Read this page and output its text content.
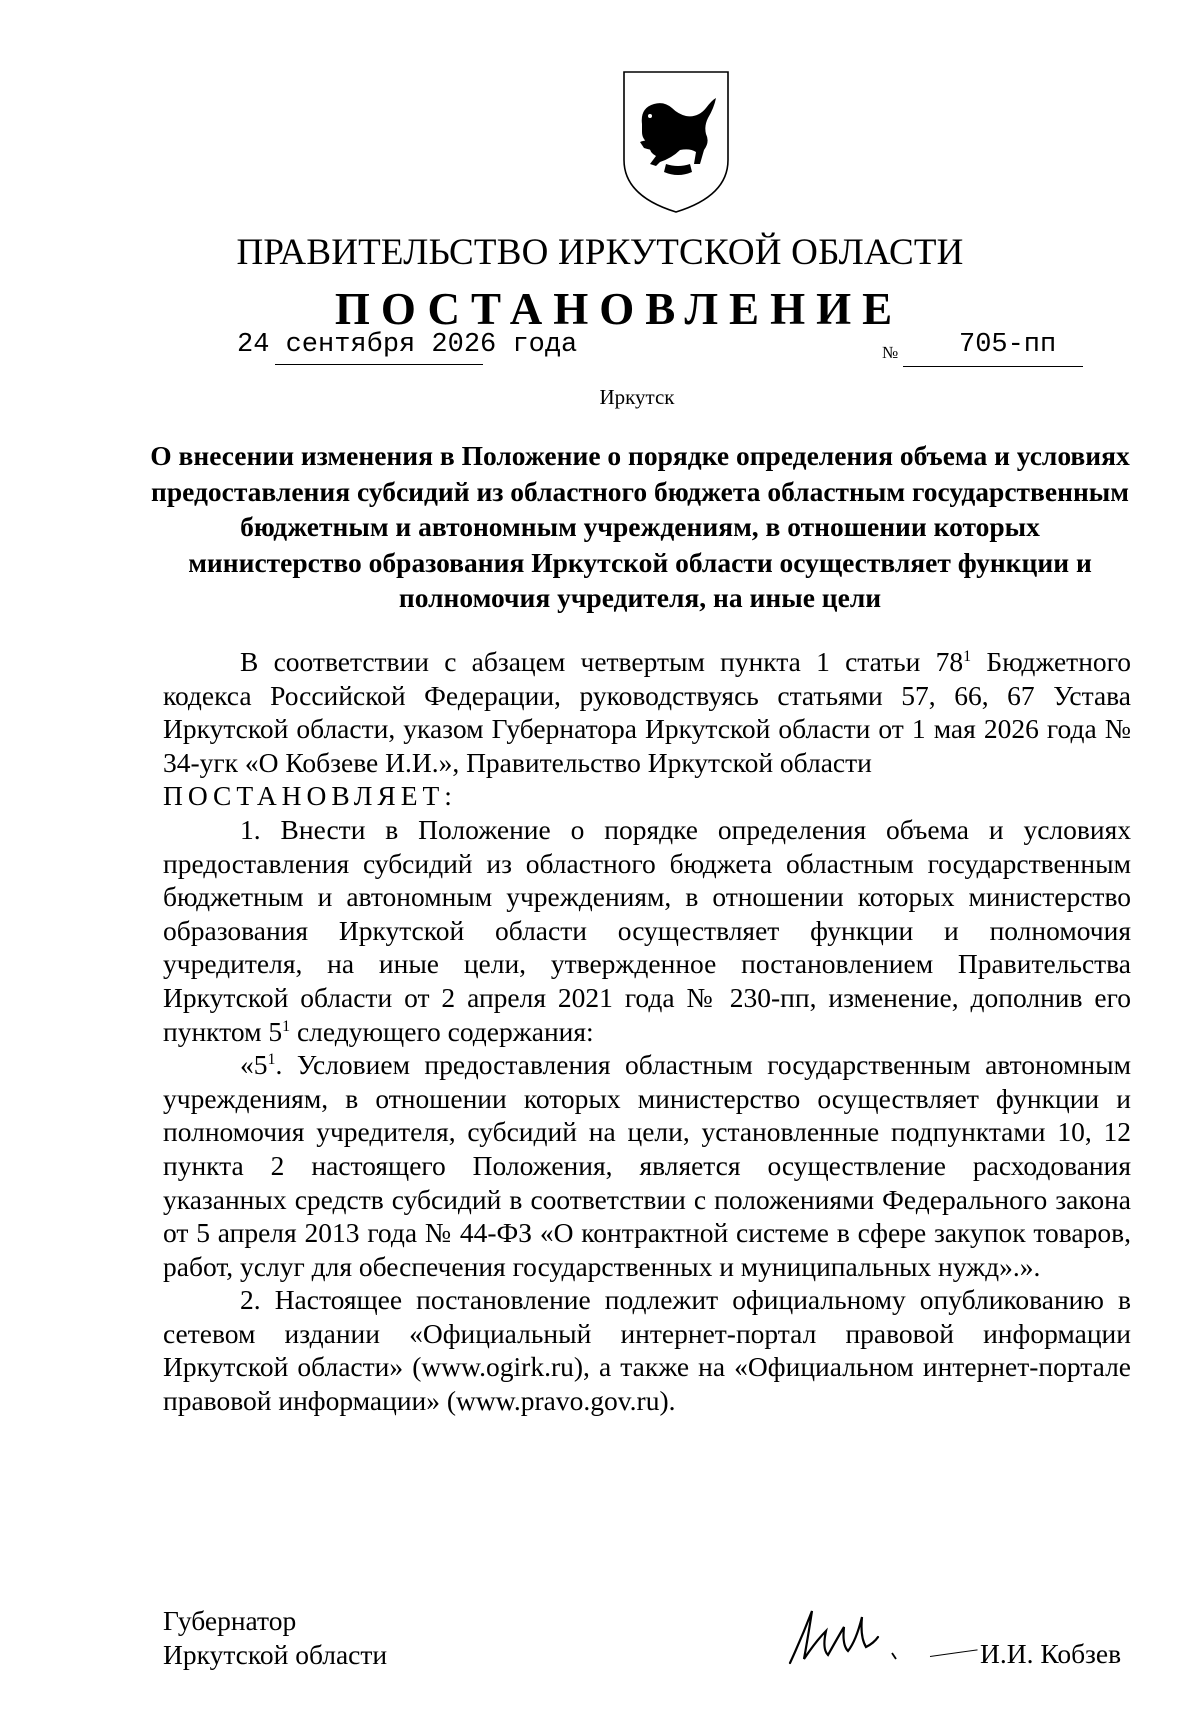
ПРАВИТЕЛЬСТВО ИРКУТСКОЙ ОБЛАСТИ
ПОСТАНОВЛЕНИЕ
24 сентября 2026 года	№ 705-пп
Иркутск
О внесении изменения в Положение о порядке определения объема и условиях предоставления субсидий из областного бюджета областным государственным бюджетным и автономным учреждениям, в отношении которых министерство образования Иркутской области осуществляет функции и полномочия учредителя, на иные цели

В соответствии с абзацем четвертым пункта 1 статьи $78^1$ Бюджетного кодекса Российской Федерации, руководствуясь статьями 57, 66, 67 Устава Иркутской области, указом Губернатора Иркутской области от 1 мая 2026 года № 34-угк «О Кобзеве И.И.», Правительство Иркутской области

ПОСТАНОВЛЯЕТ:

1. Внести в Положение о порядке определения объема и условиях предоставления субсидий из областного бюджета областным государственным бюджетным и автономным учреждениям, в отношении которых министерство образования Иркутской области осуществляет функции и полномочия учредителя, на иные цели, утвержденное постановлением Правительства Иркутской области от 2 апреля 2021 года № 230-пп, изменение, дополнив его пунктом $5^1$ следующего содержания:

«$5^1$. Условием предоставления областным государственным автономным учреждениям, в отношении которых министерство осуществляет функции и полномочия учредителя, субсидий на цели, установленные подпунктами 10, 12 пункта 2 настоящего Положения, является осуществление расходования указанных средств субсидий в соответствии с положениями Федерального закона от 5 апреля 2013 года № 44-ФЗ «О контрактной системе в сфере закупок товаров, работ, услуг для обеспечения государственных и муниципальных нужд».».

2. Настоящее постановление подлежит официальному опубликованию в сетевом издании «Официальный интернет-портал правовой информации Иркутской области» (www.ogirk.ru), а также на «Официальном интернет-портале правовой информации» (www.pravo.gov.ru).

Губернатор
Иркутской области	И.И. Кобзев
